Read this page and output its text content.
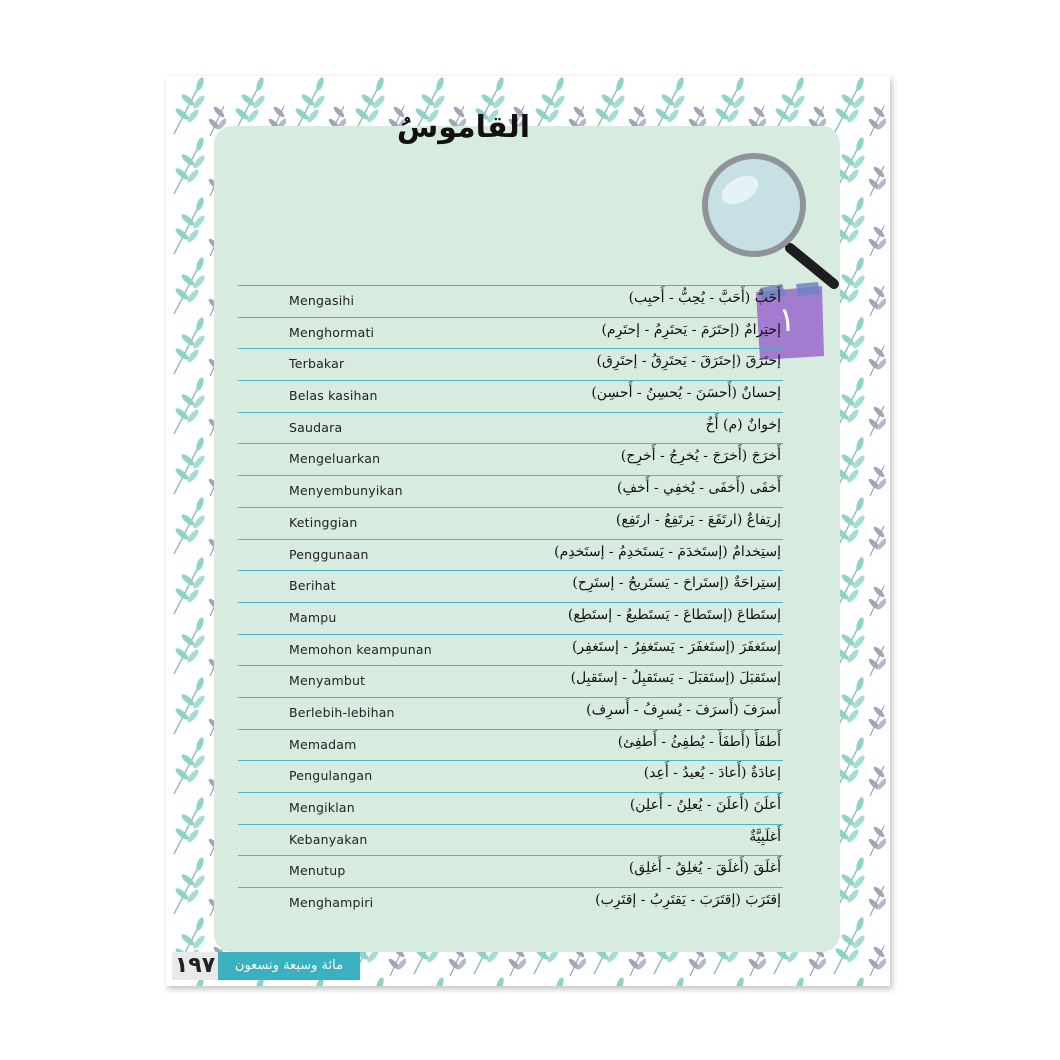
القاموسُ
١
Mengasihi	أَحَبَّ (أَحَبَّ - يُحِبُّ - أَحبِب)
Menghormati	إحتِرامٌ (إحتَرَمَ - يَحتَرِمُ - إحتَرِم)
Terbakar	إحتَرَقَ (إحتَرَقَ - يَحتَرِقُ - إحتَرِق)
Belas kasihan	إحسانٌ (أَحسَنَ - يُحسِنُ - أَحسِن)
Saudara	إخوانٌ (م) أَخٌ
Mengeluarkan	أَخرَجَ (أَخرَجَ - يُخرِجُ - أَخرِج)
Menyembunyikan	أَخفَى (أَخفَى - يُخفِي - أَخفِ)
Ketinggian	إرتِفاعٌ (ارتَفَعَ - يَرتَفِعُ - ارتَفِع)
Penggunaan	إستِخدامٌ (إستَخدَمَ - يَستَخدِمُ - إستَخدِم)
Berihat	إستِراحَةٌ (إستَراحَ - يَستَريحُ - إستَرِح)
Mampu	إستَطاعَ (إستَطاعَ - يَستَطيعُ - إستَطِع)
Memohon keampunan	إستَغفَرَ (إستَغفَرَ - يَستَغفِرُ - إستَغفِر)
Menyambut	إستَقبَلَ (إستَقبَلَ - يَستَقبِلُ - إستَقبِل)
Berlebih-lebihan	أَسرَفَ (أَسرَفَ - يُسرِفُ - أَسرِف)
Memadam	أَطفَأَ (أَطفَأَ - يُطفِئُ - أَطفِئ)
Pengulangan	إعادَةٌ (أَعادَ - يُعيدُ - أَعِد)
Mengiklan	أَعلَنَ (أَعلَنَ - يُعلِنُ - أَعلِن)
Kebanyakan	أَغلَبِيَّةٌ
Menutup	أَغلَقَ (أَغلَقَ - يُغلِقُ - أَغلِق)
Menghampiri	إقتَرَبَ (إقتَرَبَ - يَقتَرِبُ - إقتَرِب)
١٩٧	مائة وسبعة وتسعون
